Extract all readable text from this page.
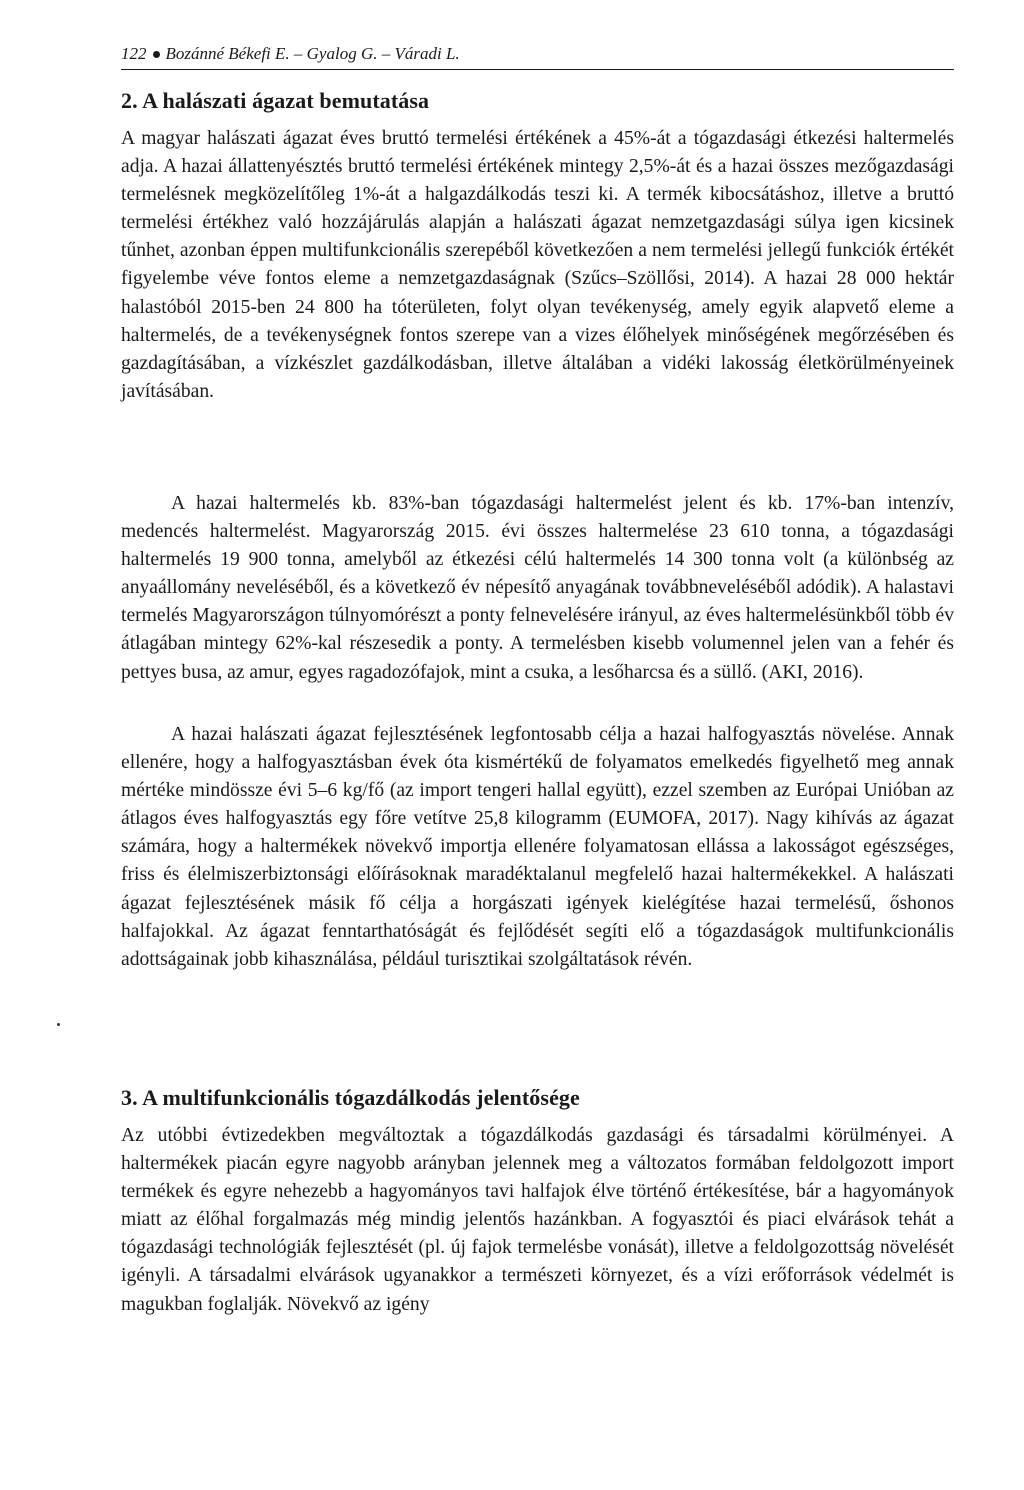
122 Bozánné Békefi E. – Gyalog G. – Váradi L.
2. A halászati ágazat bemutatása

A magyar halászati ágazat éves bruttó termelési értékének a 45%-át a tógazdasági étkezési haltermelés adja. A hazai állattenyésztés bruttó termelési értékének mintegy 2,5%-át és a hazai összes mezőgazdasági termelésnek megközelítőleg 1%-át a halgazdálkodás teszi ki. A termék kibocsátáshoz, illetve a bruttó termelési értékhez való hozzájárulás alapján a halászati ágazat nemzetgazdasági súlya igen kicsinek tűnhet, azonban éppen multifunkcionális szerepéből következően a nem termelési jellegű funkciók értékét figyelembe véve fontos eleme a nemzetgazdaságnak (Szűcs–Szöllősi, 2014). A hazai 28 000 hektár halastóból 2015-ben 24 800 ha tóterületen, folyt olyan tevékenység, amely egyik alapvető eleme a haltermelés, de a tevékenységnek fontos szerepe van a vizes élőhelyek minőségének megőrzésében és gazdagításában, a vízkészlet gazdálkodásban, illetve általában a vidéki lakosság életkörülményeinek javításában.

A hazai haltermelés kb. 83%-ban tógazdasági haltermelést jelent és kb. 17%-ban intenzív, medencés haltermelést. Magyarország 2015. évi összes haltermelése 23 610 tonna, a tógazdasági haltermelés 19 900 tonna, amelyből az étkezési célú haltermelés 14 300 tonna volt (a különbség az anyaállomány neveléséből, és a következő év népesítő anyagának továbbneveléséből adódik). A halastavi termelés Magyarországon túlnyomórészt a ponty felnevelésére irányul, az éves haltermelésünkből több év átlagában mintegy 62%-kal részesedik a ponty. A termelésben kisebb volumennel jelen van a fehér és pettyes busa, az amur, egyes ragadozófajok, mint a csuka, a lesőharcsa és a süllő. (AKI, 2016).

A hazai halászati ágazat fejlesztésének legfontosabb célja a hazai halfogyasztás növelése. Annak ellenére, hogy a halfogyasztásban évek óta kismértékű de folyamatos emelkedés figyelhető meg annak mértéke mindössze évi 5–6 kg/fő (az import tengeri hallal együtt), ezzel szemben az Európai Unióban az átlagos éves halfogyasztás egy főre vetítve 25,8 kilogramm (EUMOFA, 2017). Nagy kihívás az ágazat számára, hogy a haltermékek növekvő importja ellenére folyamatosan ellássa a lakosságot egészséges, friss és élelmiszerbiztonsági előírásoknak maradéktalanul megfelelő hazai haltermékekkel. A halászati ágazat fejlesztésének másik fő célja a horgászati igények kielégítése hazai termelésű, őshonos halfajokkal. Az ágazat fenntarthatóságát és fejlődését segíti elő a tógazdaságok multifunkcionális adottságainak jobb kihasználása, például turisztikai szolgáltatások révén.

3. A multifunkcionális tógazdálkodás jelentősége

Az utóbbi évtizedekben megváltoztak a tógazdálkodás gazdasági és társadalmi körülményei. A haltermékek piacán egyre nagyobb arányban jelennek meg a változatos formában feldolgozott import termékek és egyre nehezebb a hagyományos tavi halfajok élve történő értékesítése, bár a hagyományok miatt az élőhal forgalmazás még mindig jelentős hazánkban. A fogyasztói és piaci elvárások tehát a tógazdasági technológiák fejlesztését (pl. új fajok termelésbe vonását), illetve a feldolgozottság növelését igényli. A társadalmi elvárások ugyanakkor a természeti környezet, és a vízi erőforrások védelmét is magukban foglalják. Növekvő az igény
